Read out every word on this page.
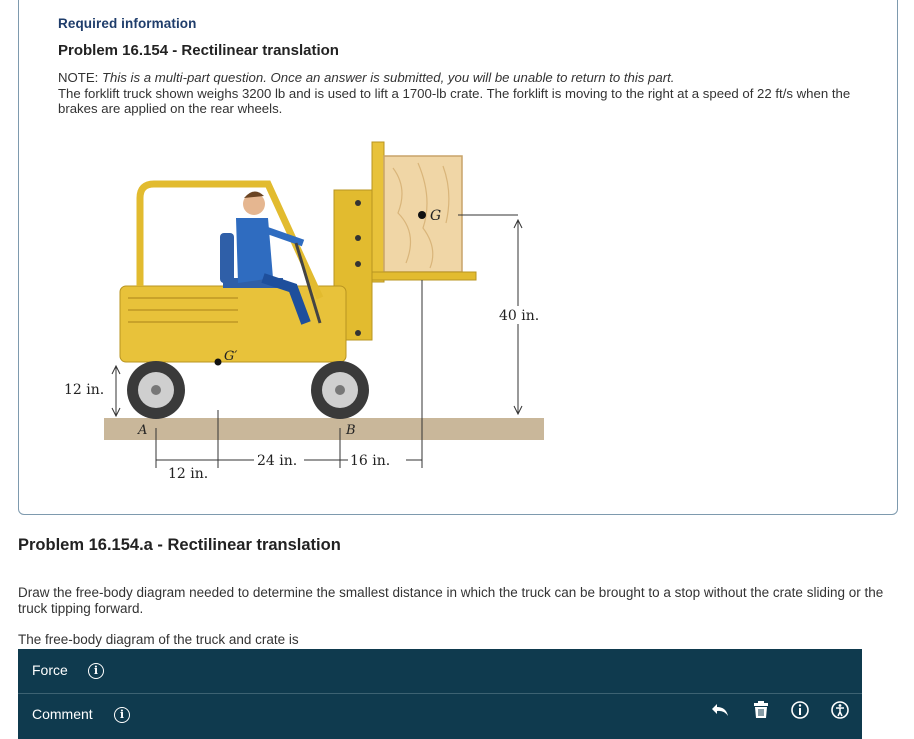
Required information
Problem 16.154 - Rectilinear translation
NOTE: This is a multi-part question. Once an answer is submitted, you will be unable to return to this part.
The forklift truck shown weighs 3200 lb and is used to lift a 1700-lb crate. The forklift is moving to the right at a speed of 22 ft/s when the brakes are applied on the rear wheels.
G
G′
40 in.
12 in.
A	B
12 in.
24 in.	16 in.
Problem 16.154.a - Rectilinear translation
Draw the free-body diagram needed to determine the smallest distance in which the truck can be brought to a stop without the crate sliding or the truck tipping forward.
The free-body diagram of the truck and crate is
Force	i
Comment	i
